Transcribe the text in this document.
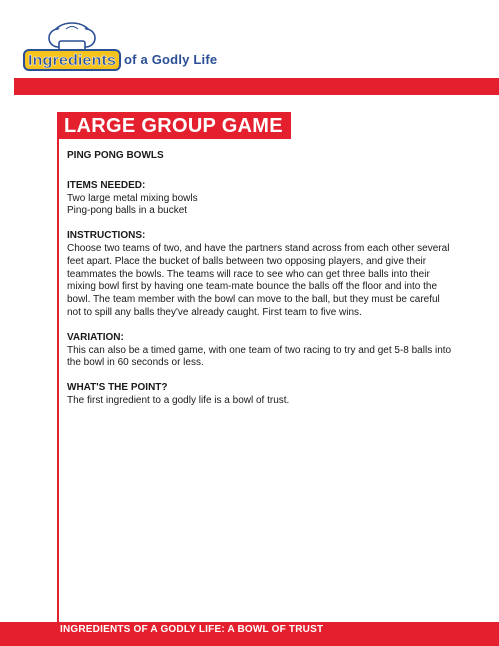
Ingredients of a Godly Life
LARGE GROUP GAME
PING PONG BOWLS
ITEMS NEEDED:
Two large metal mixing bowls
Ping-pong balls in a bucket
INSTRUCTIONS:
Choose two teams of two, and have the partners stand across from each other several feet apart. Place the bucket of balls between two opposing players, and give their teammates the bowls. The teams will race to see who can get three balls into their mixing bowl first by having one team-mate bounce the balls off the floor and into the bowl. The team member with the bowl can move to the ball, but they must be careful not to spill any balls they've already caught. First team to five wins.
VARIATION:
This can also be a timed game, with one team of two racing to try and get 5-8 balls into the bowl in 60 seconds or less.
WHAT'S THE POINT?
The first ingredient to a godly life is a bowl of trust.
INGREDIENTS OF A GODLY LIFE: A BOWL OF TRUST
